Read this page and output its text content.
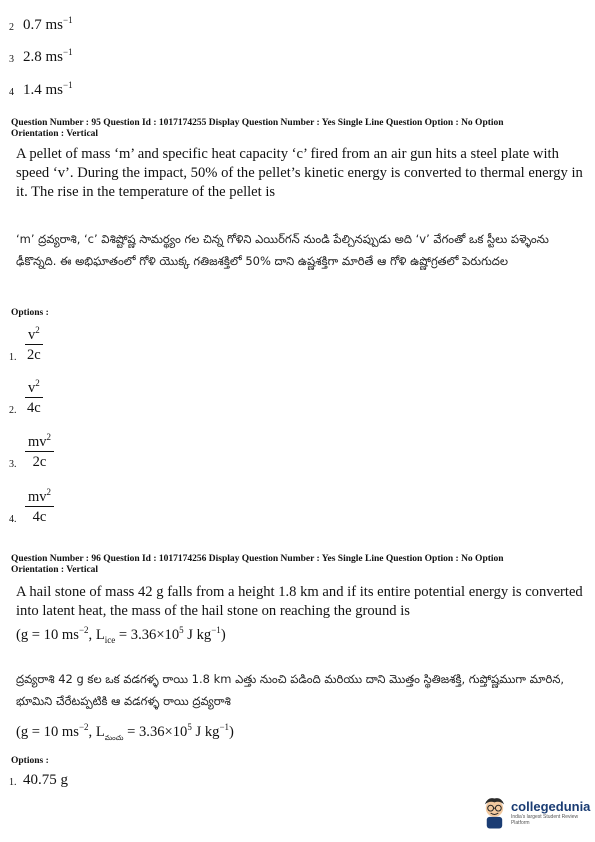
2 0.7 $ms^{-1}$
3 2.8 $ms^{-1}$
4 1.4 $ms^{-1}$
Question Number : 95 Question Id : 1017174255 Display Question Number : Yes Single Line Question Option : No Option
Orientation : Vertical
A pellet of mass ‘m’ and specific heat capacity ‘c’ fired from an air gun hits a steel plate with speed ‘v’. During the impact, 50% of the pellet’s kinetic energy is converted to thermal energy in it. The rise in the temperature of the pellet is
‘m’ ద్రవ్యరాశి, ‘c’ విశిష్టోష్ణ సామర్థ్యం గల చిన్న గోళిని ఎయిర్‌గన్ నుండి పేల్చినప్పుడు అది ‘v’ వేగంతో ఒక స్టీలు పళ్ళెంను ఢీకొన్నది. ఈ అభిఘాతంలో గోళి యొక్క గతిజశక్తిలో 50% దాని ఉష్ణశక్తిగా మారితే ఆ గోళి ఉష్ణోగ్రతలో పెరుగుదల
Options :
1. $\frac{v^2}{2c}$
2. $\frac{v^2}{4c}$
3. $\frac{mv^2}{2c}$
4. $\frac{mv^2}{4c}$
Question Number : 96 Question Id : 1017174256 Display Question Number : Yes Single Line Question Option : No Option
Orientation : Vertical
A hail stone of mass 42 g falls from a height 1.8 km and if its entire potential energy is converted into latent heat, the mass of the hail stone on reaching the ground is
(g = 10 $ms^{-2}$, $L_{ice} = 3.36\times 10^5$ J $kg^{-1}$)
ద్రవ్యరాశి 42 g కల ఒక వడగళ్ళ రాయి 1.8 km ఎత్తు నుంచి పడింది మరియు దాని మొత్తం స్థితిజశక్తి, గుప్తోష్ణముగా మారిన, భూమిని చేరేటప్పటికి ఆ వడగళ్ళ రాయి ద్రవ్యరాశి
(g = 10 $ms^{-2}$, $L_{మంచు} = 3.36\times 10^5$ J $kg^{-1}$)
Options :
1. 40.75 g
collegedunia
India's largest Student Review Platform
